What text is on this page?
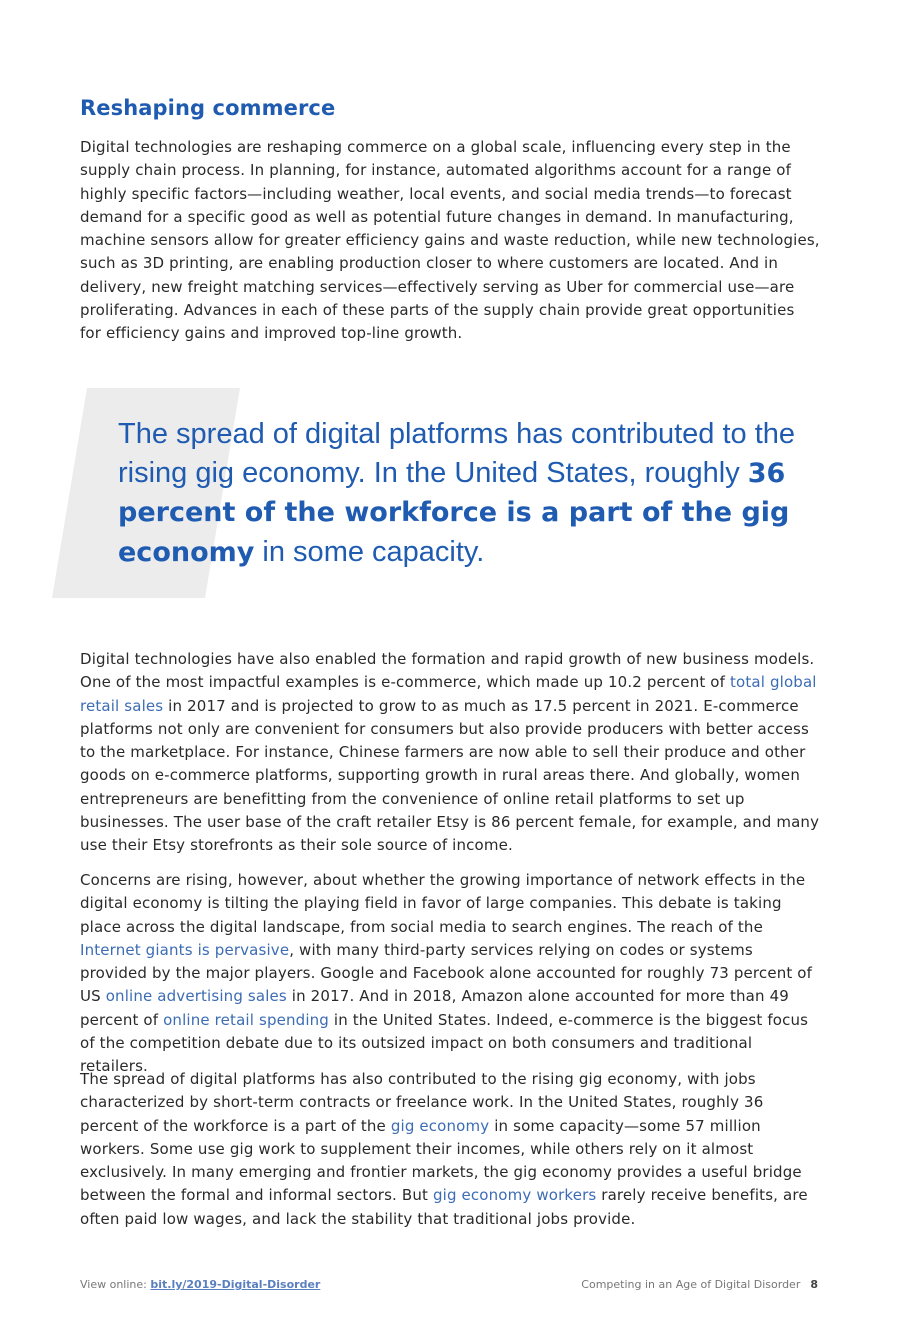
Reshaping commerce

Digital technologies are reshaping commerce on a global scale, influencing every step in the supply chain process. In planning, for instance, automated algorithms account for a range of highly specific factors—including weather, local events, and social media trends—to forecast demand for a specific good as well as potential future changes in demand. In manufacturing, machine sensors allow for greater efficiency gains and waste reduction, while new technologies, such as 3D printing, are enabling production closer to where customers are located. And in delivery, new freight matching services—effectively serving as Uber for commercial use—are proliferating. Advances in each of these parts of the supply chain provide great opportunities for efficiency gains and improved top-line growth.

The spread of digital platforms has contributed to the rising gig economy. In the United States, roughly 36 percent of the workforce is a part of the gig economy in some capacity.

Digital technologies have also enabled the formation and rapid growth of new business models. One of the most impactful examples is e-commerce, which made up 10.2 percent of total global retail sales in 2017 and is projected to grow to as much as 17.5 percent in 2021. E-commerce platforms not only are convenient for consumers but also provide producers with better access to the marketplace. For instance, Chinese farmers are now able to sell their produce and other goods on e-commerce platforms, supporting growth in rural areas there. And globally, women entrepreneurs are benefitting from the convenience of online retail platforms to set up businesses. The user base of the craft retailer Etsy is 86 percent female, for example, and many use their Etsy storefronts as their sole source of income.

Concerns are rising, however, about whether the growing importance of network effects in the digital economy is tilting the playing field in favor of large companies. This debate is taking place across the digital landscape, from social media to search engines. The reach of the Internet giants is pervasive, with many third-party services relying on codes or systems provided by the major players. Google and Facebook alone accounted for roughly 73 percent of US online advertising sales in 2017. And in 2018, Amazon alone accounted for more than 49 percent of online retail spending in the United States. Indeed, e-commerce is the biggest focus of the competition debate due to its outsized impact on both consumers and traditional retailers.

The spread of digital platforms has also contributed to the rising gig economy, with jobs characterized by short-term contracts or freelance work. In the United States, roughly 36 percent of the workforce is a part of the gig economy in some capacity—some 57 million workers. Some use gig work to supplement their incomes, while others rely on it almost exclusively. In many emerging and frontier markets, the gig economy provides a useful bridge between the formal and informal sectors. But gig economy workers rarely receive benefits, are often paid low wages, and lack the stability that traditional jobs provide.

View online: bit.ly/2019-Digital-Disorder	Competing in an Age of Digital Disorder 8
